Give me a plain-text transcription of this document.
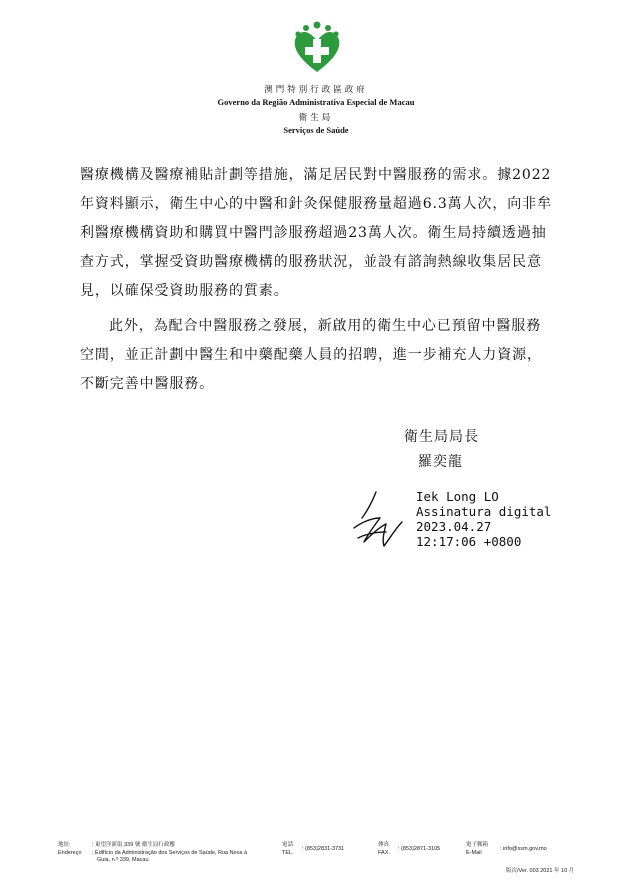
澳門特別行政區政府
Governo da Região Administrativa Especial de Macau
衛生局
Serviços de Saúde

醫療機構及醫療補貼計劃等措施，滿足居民對中醫服務的需求。據2022
年資料顯示，衛生中心的中醫和針灸保健服務量超過6.3萬人次，向非牟
利醫療機構資助和購買中醫門診服務超過23萬人次。衛生局持續透過抽
查方式，掌握受資助醫療機構的服務狀況，並設有諮詢熱線收集居民意
見，以確保受資助服務的質素。

此外，為配合中醫服務之發展，新啟用的衛生中心已預留中醫服務
空間，並正計劃中醫生和中藥配藥人員的招聘，進一步補充人力資源，
不斷完善中醫服務。

衛生局局長
羅奕龍
Iek Long LO
Assinatura digital
2023.04.27
12:17:06 +0800
地址:
Endereço
: 東望洋新街 339 號 衛生局行政樓
: Edifício da Administração dos Serviços de Saúde, Rua Nova à
Guia, n.º 339, Macau
電話
TEL.
: (853)2831-3731
傳真
FAX.
: (853)2871-3105
電子郵箱
E-Mail
: info@ssm.gov.mo
版次/Ver. 003 2021 年 10 月
